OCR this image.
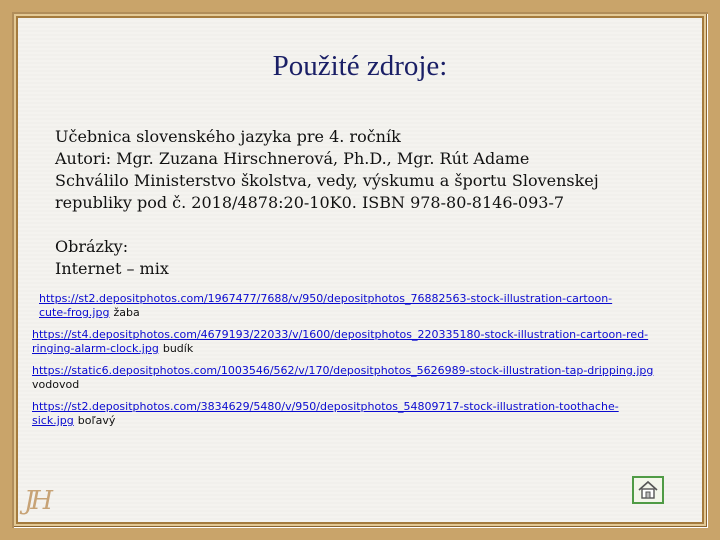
Použité zdroje:
Učebnica slovenského jazyka pre 4. ročník
Autori: Mgr. Zuzana Hirschnerová, Ph.D., Mgr. Rút Adame
Schválilo Ministerstvo školstva, vedy, výskumu a športu Slovenskej
republiky pod č. 2018/4878:20-10K0. ISBN 978-80-8146-093-7
Obrázky:
Internet – mix
https://st2.depositphotos.com/1967477/7688/v/950/depositphotos_76882563-stock-illustration-cartoon-
cute-frog.jpg žaba
https://st4.depositphotos.com/4679193/22033/v/1600/depositphotos_220335180-stock-illustration-cartoon-red-
ringing-alarm-clock.jpg budík
https://static6.depositphotos.com/1003546/562/v/170/depositphotos_5626989-stock-illustration-tap-dripping.jpg
vodovod
https://st2.depositphotos.com/3834629/5480/v/950/depositphotos_54809717-stock-illustration-toothache-
sick.jpg boľavý
JH
